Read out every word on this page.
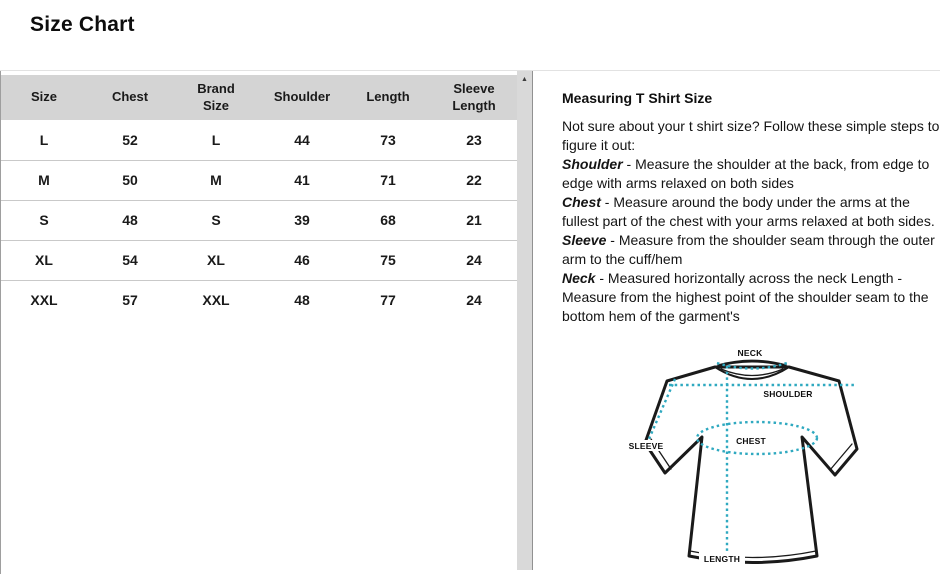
Size Chart
Size	Chest	Brand Size	Shoulder	Length	Sleeve Length
L	52	L	44	73	23
M	50	M	41	71	22
S	48	S	39	68	21
XL	54	XL	46	75	24
XXL	57	XXL	48	77	24
▲
Measuring T Shirt Size

Not sure about your t shirt size? Follow these simple steps to figure it out:

Shoulder - Measure the shoulder at the back, from edge to edge with arms relaxed on both sides

Chest - Measure around the body under the arms at the fullest part of the chest with your arms relaxed at both sides.

Sleeve - Measure from the shoulder seam through the outer arm to the cuff/hem

Neck - Measured horizontally across the neck Length - Measure from the highest point of the shoulder seam to the bottom hem of the garment's

NECK
SHOULDER
SLEEVE	CHEST
LENGTH
